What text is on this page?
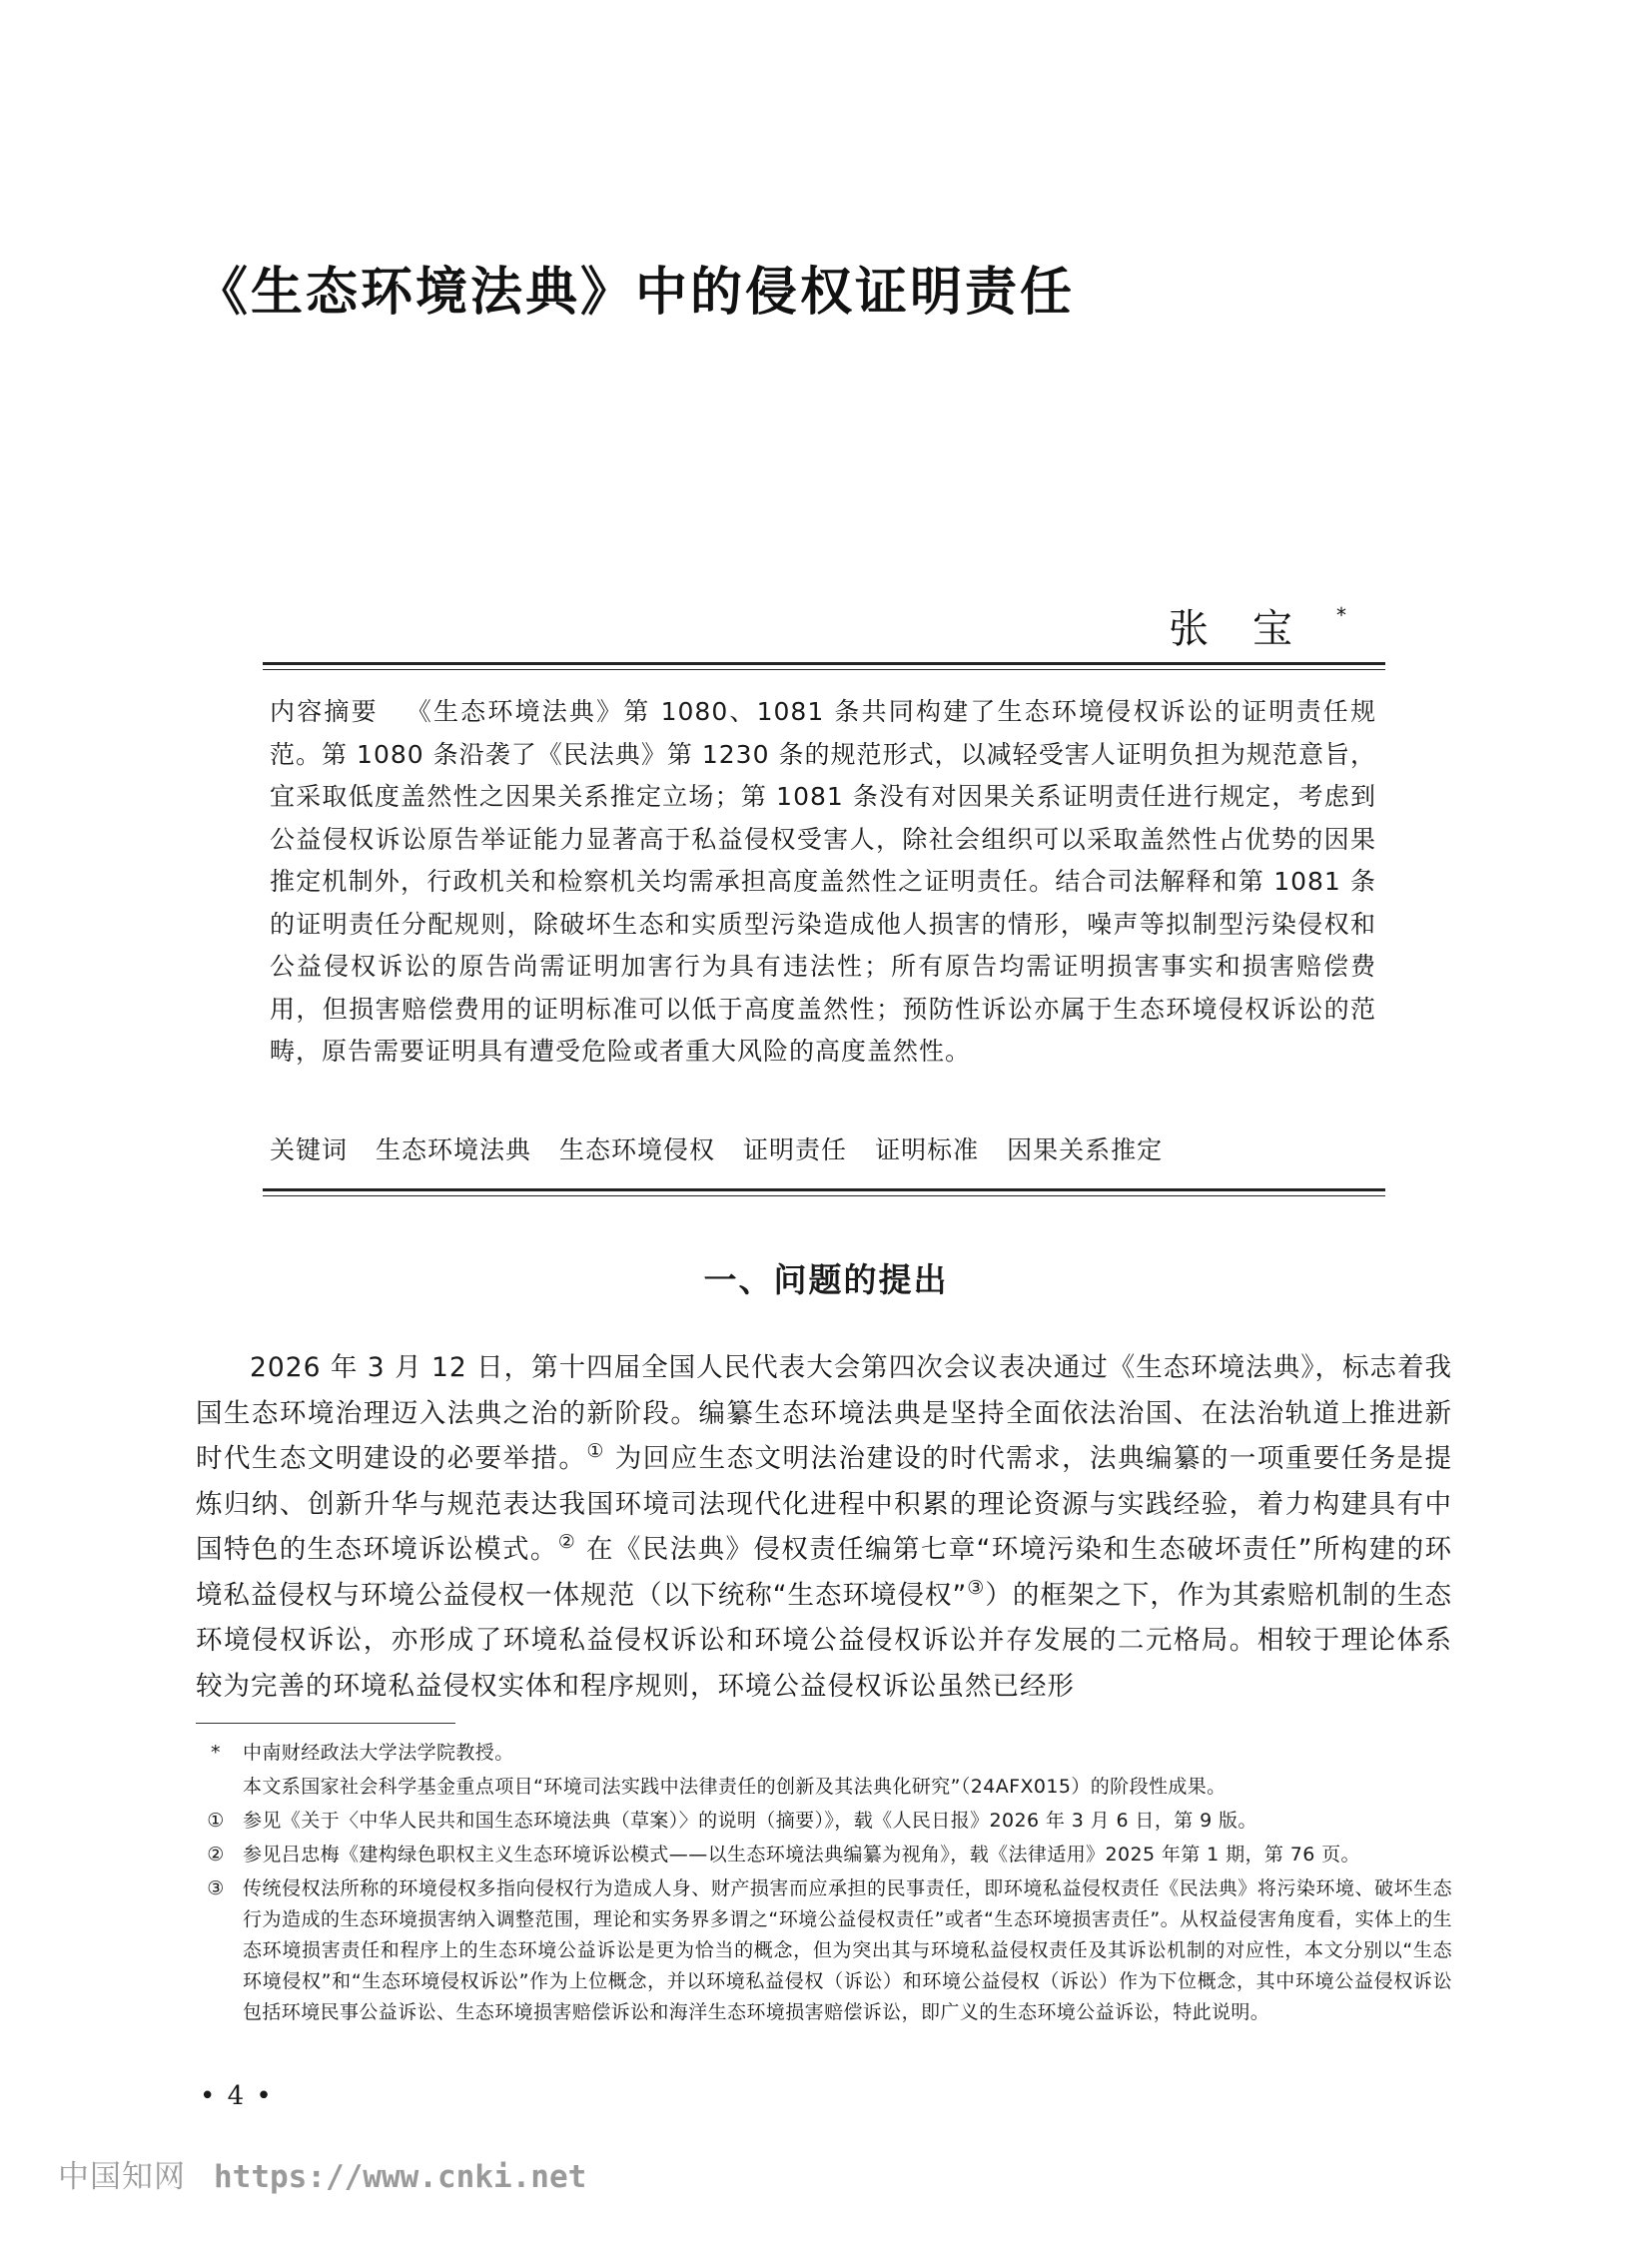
《生态环境法典》中的侵权证明责任
张宝*

内容摘要 《生态环境法典》第 1080、1081 条共同构建了生态环境侵权诉讼的证明责任规范。第 1080 条沿袭了《民法典》第 1230 条的规范形式，以减轻受害人证明负担为规范意旨，宜采取低度盖然性之因果关系推定立场；第 1081 条没有对因果关系证明责任进行规定，考虑到公益侵权诉讼原告举证能力显著高于私益侵权受害人，除社会组织可以采取盖然性占优势的因果推定机制外，行政机关和检察机关均需承担高度盖然性之证明责任。结合司法解释和第 1081 条的证明责任分配规则，除破坏生态和实质型污染造成他人损害的情形，噪声等拟制型污染侵权和公益侵权诉讼的原告尚需证明加害行为具有违法性；所有原告均需证明损害事实和损害赔偿费用，但损害赔偿费用的证明标准可以低于高度盖然性；预防性诉讼亦属于生态环境侵权诉讼的范畴，原告需要证明具有遭受危险或者重大风险的高度盖然性。

关键词 生态环境法典 生态环境侵权 证明责任 证明标准 因果关系推定

一、问题的提出

2026 年 3 月 12 日，第十四届全国人民代表大会第四次会议表决通过《生态环境法典》，标志着我国生态环境治理迈入法典之治的新阶段。编纂生态环境法典是坚持全面依法治国、在法治轨道上推进新时代生态文明建设的必要举措。① 为回应生态文明法治建设的时代需求，法典编纂的一项重要任务是提炼归纳、创新升华与规范表达我国环境司法现代化进程中积累的理论资源与实践经验，着力构建具有中国特色的生态环境诉讼模式。② 在《民法典》侵权责任编第七章“环境污染和生态破坏责任”所构建的环境私益侵权与环境公益侵权一体规范（以下统称“生态环境侵权”③）的框架之下，作为其索赔机制的生态环境侵权诉讼，亦形成了环境私益侵权诉讼和环境公益侵权诉讼并存发展的二元格局。相较于理论体系较为完善的环境私益侵权实体和程序规则，环境公益侵权诉讼虽然已经形

*	中南财经政法大学法学院教授。

本文系国家社会科学基金重点项目“环境司法实践中法律责任的创新及其法典化研究”（24AFX015）的阶段性成果。

① 参见《关于〈中华人民共和国生态环境法典（草案）〉的说明（摘要）》，载《人民日报》2026 年 3 月 6 日，第 9 版。

② 参见吕忠梅《建构绿色职权主义生态环境诉讼模式——以生态环境法典编纂为视角》，载《法律适用》2025 年第 1 期，第 76 页。

③ 传统侵权法所称的环境侵权多指向侵权行为造成人身、财产损害而应承担的民事责任，即环境私益侵权责任《民法典》将污染环境、破坏生态行为造成的生态环境损害纳入调整范围，理论和实务界多谓之“环境公益侵权责任”或者“生态环境损害责任”。从权益侵害角度看，实体上的生态环境损害责任和程序上的生态环境公益诉讼是更为恰当的概念，但为突出其与环境私益侵权责任及其诉讼机制的对应性，本文分别以“生态环境侵权”和“生态环境侵权诉讼”作为上位概念，并以环境私益侵权（诉讼）和环境公益侵权（诉讼）作为下位概念，其中环境公益侵权诉讼包括环境民事公益诉讼、生态环境损害赔偿诉讼和海洋生态环境损害赔偿诉讼，即广义的生态环境公益诉讼，特此说明。

• 4 •
中国知网 https://www.cnki.net
